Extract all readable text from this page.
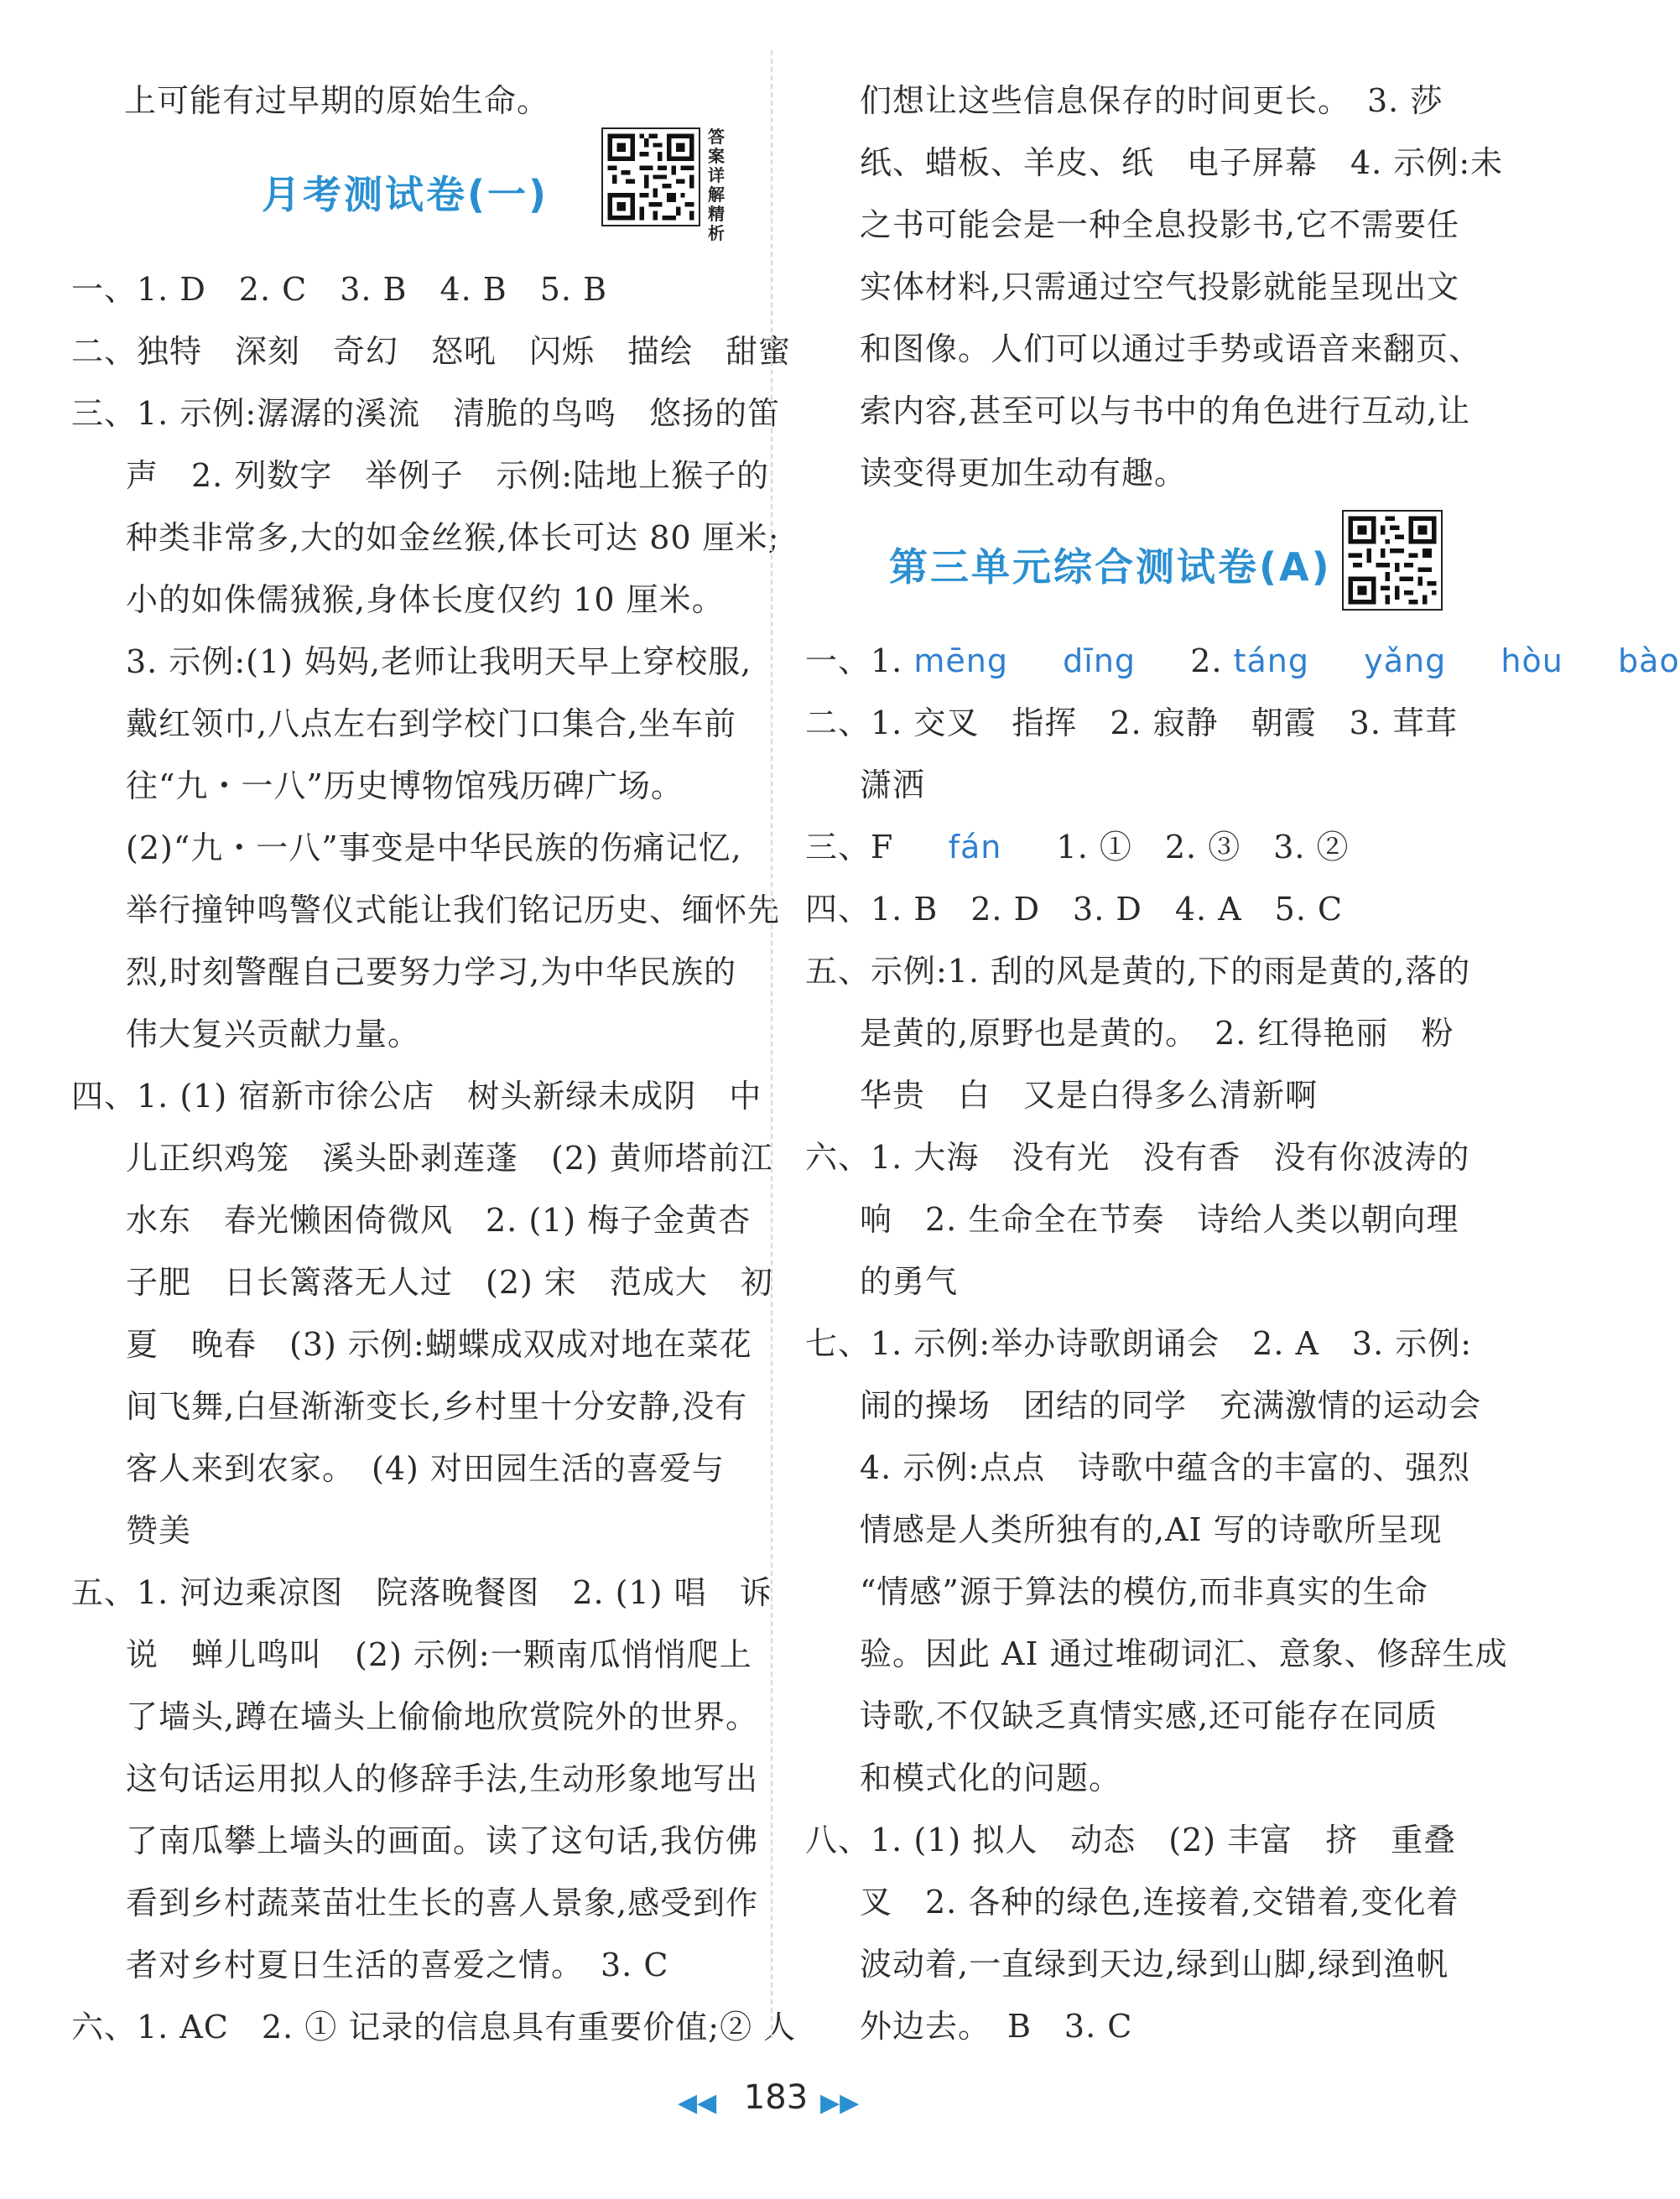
上可能有过早期的原始生命。
月考测试卷(一)
答案详解精析
一、1. D　2. C　3. B　4. B　5. B
二、独特　深刻　奇幻　怒吼　闪烁　描绘　甜蜜
三、1. 示例:潺潺的溪流　清脆的鸟鸣　悠扬的笛
声　2. 列数字　举例子　示例:陆地上猴子的
种类非常多,大的如金丝猴,体长可达 80 厘米;
小的如侏儒狨猴,身体长度仅约 10 厘米。
3. 示例:(1) 妈妈,老师让我明天早上穿校服,
戴红领巾,八点左右到学校门口集合,坐车前
往“九・一八”历史博物馆残历碑广场。
(2)“九・一八”事变是中华民族的伤痛记忆,
举行撞钟鸣警仪式能让我们铭记历史、缅怀先
烈,时刻警醒自己要努力学习,为中华民族的
伟大复兴贡献力量。
四、1. (1) 宿新市徐公店　树头新绿未成阴　中
儿正织鸡笼　溪头卧剥莲蓬　(2) 黄师塔前江
水东　春光懒困倚微风　2. (1) 梅子金黄杏
子肥　日长篱落无人过　(2) 宋　范成大　初
夏　晚春　(3) 示例:蝴蝶成双成对地在菜花
间飞舞,白昼渐渐变长,乡村里十分安静,没有
客人来到农家。　(4) 对田园生活的喜爱与
赞美
五、1. 河边乘凉图　院落晚餐图　2. (1) 唱　诉
说　蝉儿鸣叫　(2) 示例:一颗南瓜悄悄爬上
了墙头,蹲在墙头上偷偷地欣赏院外的世界。
这句话运用拟人的修辞手法,生动形象地写出
了南瓜攀上墙头的画面。读了这句话,我仿佛
看到乡村蔬菜苗壮生长的喜人景象,感受到作
者对乡村夏日生活的喜爱之情。　3. C
六、1. AC　2. ① 记录的信息具有重要价值;② 人
们想让这些信息保存的时间更长。　3. 莎
纸、蜡板、羊皮、纸　电子屏幕　4. 示例:未
之书可能会是一种全息投影书,它不需要任
实体材料,只需通过空气投影就能呈现出文
和图像。人们可以通过手势或语音来翻页、
索内容,甚至可以与书中的角色进行互动,让
读变得更加生动有趣。
第三单元综合测试卷(A)
一、1. mēng 　 dīng 　 2. táng 　 yǎng 　 hòu 　 bào
二、1. 交叉　指挥　2. 寂静　朝霞　3. 茸茸
潇洒
三、F 　 fán 　 1. ①　2. ③　3. ②
四、1. B　2. D　3. D　4. A　5. C
五、示例:1. 刮的风是黄的,下的雨是黄的,落的
是黄的,原野也是黄的。　2. 红得艳丽　粉
华贵　白　又是白得多么清新啊
六、1. 大海　没有光　没有香　没有你波涛的
响　2. 生命全在节奏　诗给人类以朝向理
的勇气
七、1. 示例:举办诗歌朗诵会　2. A　3. 示例:
闹的操场　团结的同学　充满激情的运动会
4. 示例:点点　诗歌中蕴含的丰富的、强烈
情感是人类所独有的,AI 写的诗歌所呈现
“情感”源于算法的模仿,而非真实的生命
验。因此 AI 通过堆砌词汇、意象、修辞生成
诗歌,不仅缺乏真情实感,还可能存在同质
和模式化的问题。
八、1. (1) 拟人　动态　(2) 丰富　挤　重叠
叉　2. 各种的绿色,连接着,交错着,变化着
波动着,一直绿到天边,绿到山脚,绿到渔帆
外边去。　B　3. C
◀◀ 183 ▶▶
